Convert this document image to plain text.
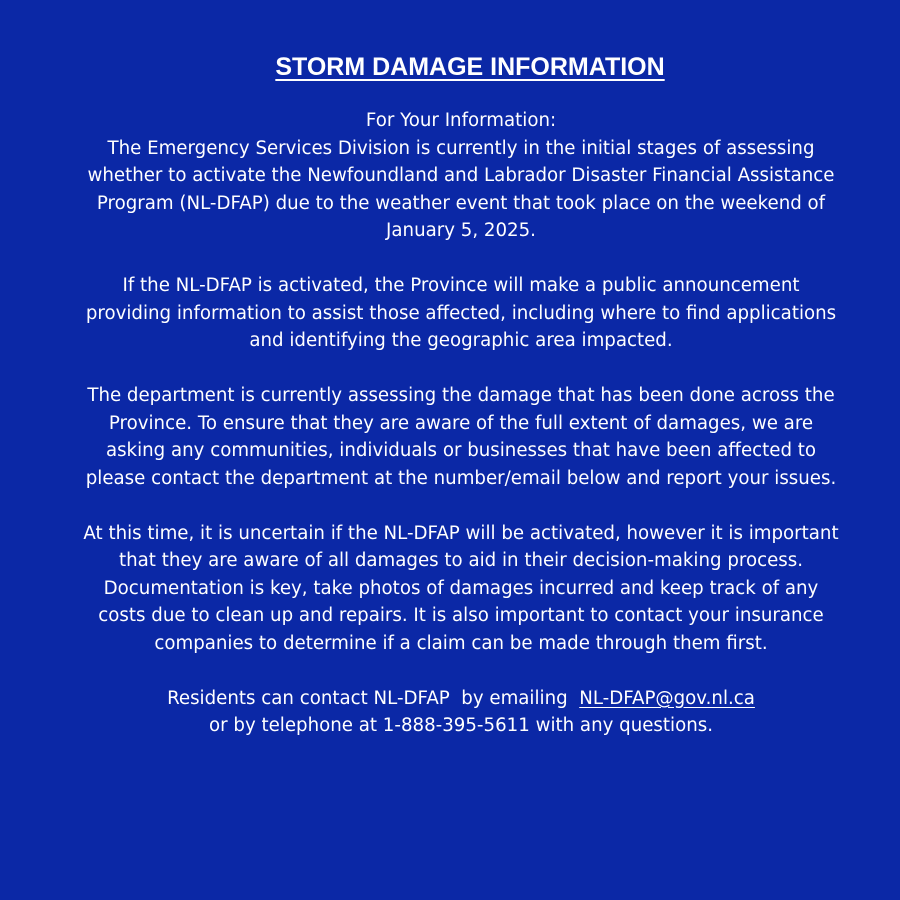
STORM DAMAGE INFORMATION

For Your Information:

The Emergency Services Division is currently in the initial stages of assessing
whether to activate the Newfoundland and Labrador Disaster Financial Assistance
Program (NL-DFAP) due to the weather event that took place on the weekend of
January 5, 2025.

If the NL-DFAP is activated, the Province will make a public announcement
providing information to assist those affected, including where to find applications
and identifying the geographic area impacted.

The department is currently assessing the damage that has been done across the
Province. To ensure that they are aware of the full extent of damages, we are
asking any communities, individuals or businesses that have been affected to
please contact the department at the number/email below and report your issues.

At this time, it is uncertain if the NL-DFAP will be activated, however it is important
that they are aware of all damages to aid in their decision-making process.
Documentation is key, take photos of damages incurred and keep track of any
costs due to clean up and repairs. It is also important to contact your insurance
companies to determine if a claim can be made through them first.

Residents can contact NL-DFAP  by emailing  NL-DFAP@gov.nl.ca
or by telephone at 1-888-395-5611 with any questions.
